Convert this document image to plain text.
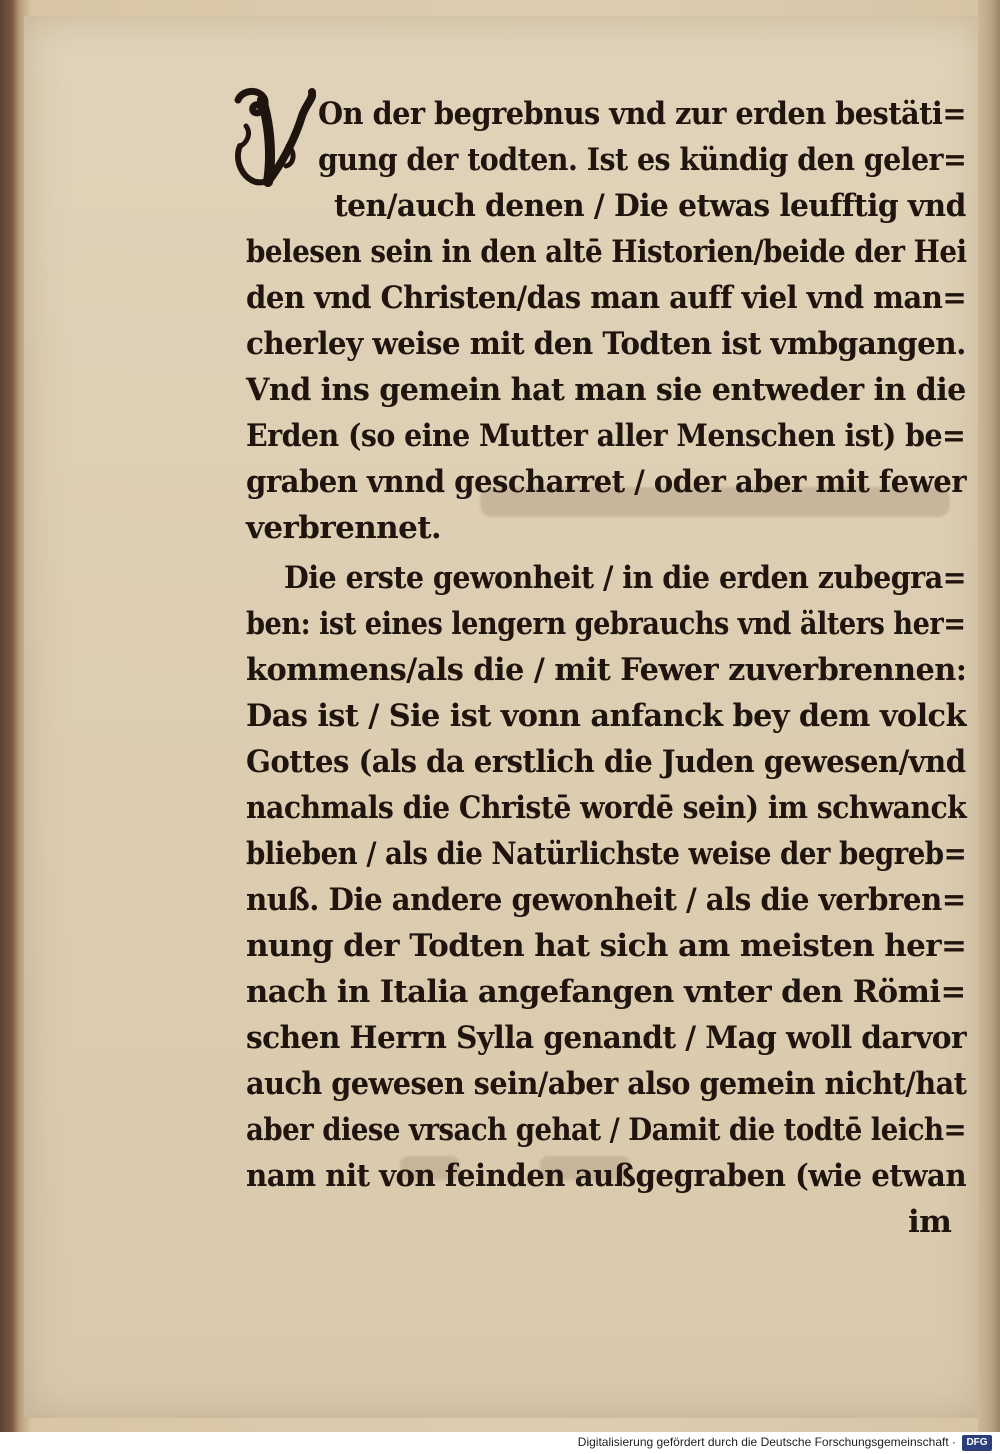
On der begrebnus vnd zur erden bestäti=
gung der todten. Ist es kündig den geler=
ten/auch denen / Die etwas leufftig vnd
belesen sein in den altē Historien/beide der Hei
den vnd Christen/das man auff viel vnd man=
cherley weise mit den Todten ist vmbgangen.
Vnd ins gemein hat man sie entweder in die
Erden (so eine Mutter aller Menschen ist) be=
graben vnnd gescharret / oder aber mit fewer
verbrennet.
Die erste gewonheit / in die erden zubegra=
ben: ist eines lengern gebrauchs vnd älters her=
kommens/als die / mit Fewer zuverbrennen:
Das ist / Sie ist vonn anfanck bey dem volck
Gottes (als da erstlich die Juden gewesen/vnd
nachmals die Christē wordē sein) im schwanck
blieben / als die Natürlichste weise der begreb=
nuß. Die andere gewonheit / als die verbren=
nung der Todten hat sich am meisten her=
nach in Italia angefangen vnter den Römi=
schen Herrn Sylla genandt / Mag woll darvor
auch gewesen sein/aber also gemein nicht/hat
aber diese vrsach gehat / Damit die todtē leich=
nam nit von feinden außgegraben (wie etwan
im
Digitalisierung gefördert durch die Deutsche Forschungsgemeinschaft ·	DFG
